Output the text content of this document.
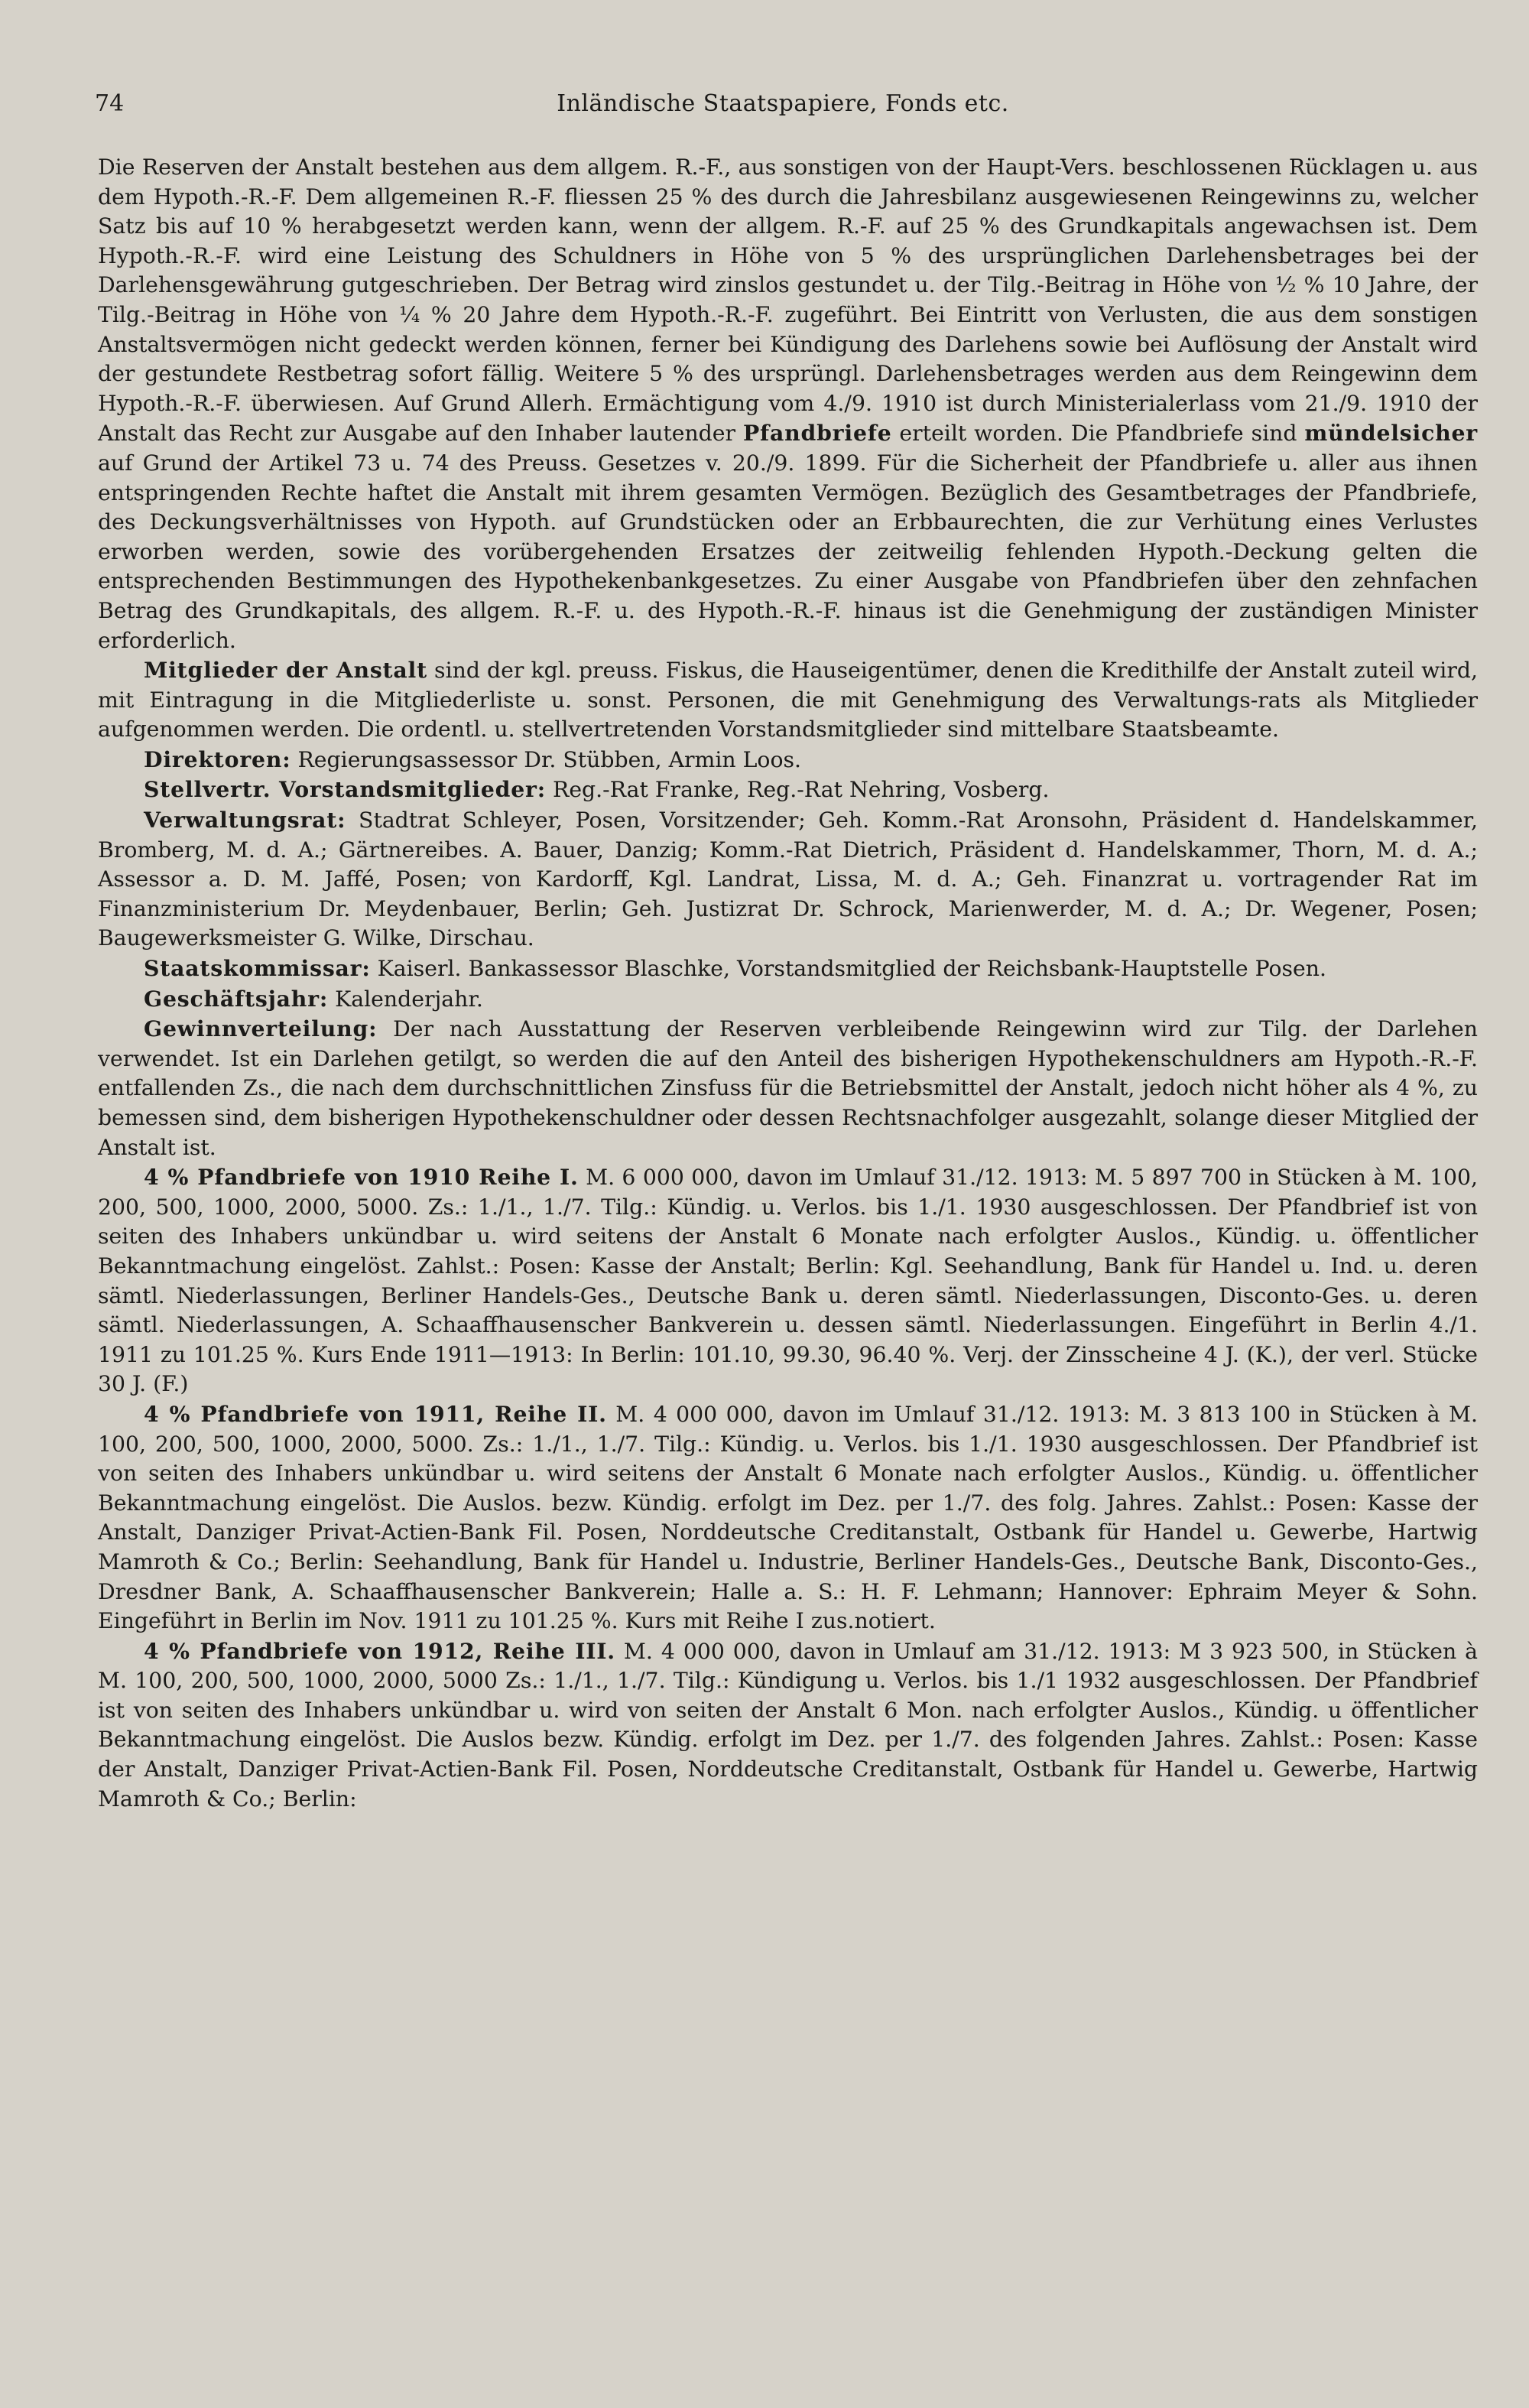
74	Inländische Staatspapiere, Fonds etc.

Die Reserven der Anstalt bestehen aus dem allgem. R.-F., aus sonstigen von der Haupt-Vers. beschlossenen Rücklagen u. aus dem Hypoth.-R.-F. Dem allgemeinen R.-F. fliessen 25 % des durch die Jahresbilanz ausgewiesenen Reingewinns zu, welcher Satz bis auf 10 % herabgesetzt werden kann, wenn der allgem. R.-F. auf 25 % des Grundkapitals angewachsen ist. Dem Hypoth.-R.-F. wird eine Leistung des Schuldners in Höhe von 5 % des ursprünglichen Darlehensbetrages bei der Darlehensgewährung gutgeschrieben. Der Betrag wird zinslos gestundet u. der Tilg.-Beitrag in Höhe von ½ % 10 Jahre, der Tilg.-Beitrag in Höhe von ¼ % 20 Jahre dem Hypoth.-R.-F. zugeführt. Bei Eintritt von Verlusten, die aus dem sonstigen Anstaltsvermögen nicht gedeckt werden können, ferner bei Kündigung des Darlehens sowie bei Auflösung der Anstalt wird der gestundete Restbetrag sofort fällig. Weitere 5 % des ursprüngl. Darlehensbetrages werden aus dem Reingewinn dem Hypoth.-R.-F. überwiesen. Auf Grund Allerh. Ermächtigung vom 4./9. 1910 ist durch Ministerialerlass vom 21./9. 1910 der Anstalt das Recht zur Ausgabe auf den Inhaber lautender Pfandbriefe erteilt worden. Die Pfandbriefe sind mündelsicher auf Grund der Artikel 73 u. 74 des Preuss. Gesetzes v. 20./9. 1899. Für die Sicherheit der Pfandbriefe u. aller aus ihnen entspringenden Rechte haftet die Anstalt mit ihrem gesamten Vermögen. Bezüglich des Gesamtbetrages der Pfandbriefe, des Deckungsverhältnisses von Hypoth. auf Grundstücken oder an Erbbaurechten, die zur Verhütung eines Verlustes erworben werden, sowie des vorübergehenden Ersatzes der zeitweilig fehlenden Hypoth.-Deckung gelten die entsprechenden Bestimmungen des Hypothekenbankgesetzes. Zu einer Ausgabe von Pfandbriefen über den zehnfachen Betrag des Grundkapitals, des allgem. R.-F. u. des Hypoth.-R.-F. hinaus ist die Genehmigung der zuständigen Minister erforderlich.

Mitglieder der Anstalt sind der kgl. preuss. Fiskus, die Hauseigentümer, denen die Kredithilfe der Anstalt zuteil wird, mit Eintragung in die Mitgliederliste u. sonst. Personen, die mit Genehmigung des Verwaltungs-rats als Mitglieder aufgenommen werden. Die ordentl. u. stellvertretenden Vorstandsmitglieder sind mittelbare Staatsbeamte.

Direktoren: Regierungsassessor Dr. Stübben, Armin Loos.

Stellvertr. Vorstandsmitglieder: Reg.-Rat Franke, Reg.-Rat Nehring, Vosberg.

Verwaltungsrat: Stadtrat Schleyer, Posen, Vorsitzender; Geh. Komm.-Rat Aronsohn, Präsident d. Handelskammer, Bromberg, M. d. A.; Gärtnereibes. A. Bauer, Danzig; Komm.-Rat Dietrich, Präsident d. Handelskammer, Thorn, M. d. A.; Assessor a. D. M. Jaffé, Posen; von Kardorff, Kgl. Landrat, Lissa, M. d. A.; Geh. Finanzrat u. vortragender Rat im Finanzministerium Dr. Meydenbauer, Berlin; Geh. Justizrat Dr. Schrock, Marienwerder, M. d. A.; Dr. Wegener, Posen; Baugewerksmeister G. Wilke, Dirschau.

Staatskommissar: Kaiserl. Bankassessor Blaschke, Vorstandsmitglied der Reichsbank-Hauptstelle Posen.

Geschäftsjahr: Kalenderjahr.

Gewinnverteilung: Der nach Ausstattung der Reserven verbleibende Reingewinn wird zur Tilg. der Darlehen verwendet. Ist ein Darlehen getilgt, so werden die auf den Anteil des bisherigen Hypothekenschuldners am Hypoth.-R.-F. entfallenden Zs., die nach dem durchschnittlichen Zinsfuss für die Betriebsmittel der Anstalt, jedoch nicht höher als 4 %, zu bemessen sind, dem bisherigen Hypothekenschuldner oder dessen Rechtsnachfolger ausgezahlt, solange dieser Mitglied der Anstalt ist.

4 % Pfandbriefe von 1910 Reihe I. M. 6 000 000, davon im Umlauf 31./12. 1913: M. 5 897 700 in Stücken à M. 100, 200, 500, 1000, 2000, 5000. Zs.: 1./1., 1./7. Tilg.: Kündig. u. Verlos. bis 1./1. 1930 ausgeschlossen. Der Pfandbrief ist von seiten des Inhabers unkündbar u. wird seitens der Anstalt 6 Monate nach erfolgter Auslos., Kündig. u. öffentlicher Bekanntmachung eingelöst. Zahlst.: Posen: Kasse der Anstalt; Berlin: Kgl. Seehandlung, Bank für Handel u. Ind. u. deren sämtl. Niederlassungen, Berliner Handels-Ges., Deutsche Bank u. deren sämtl. Niederlassungen, Disconto-Ges. u. deren sämtl. Niederlassungen, A. Schaaffhausenscher Bankverein u. dessen sämtl. Niederlassungen. Eingeführt in Berlin 4./1. 1911 zu 101.25 %. Kurs Ende 1911—1913: In Berlin: 101.10, 99.30, 96.40 %. Verj. der Zinsscheine 4 J. (K.), der verl. Stücke 30 J. (F.)

4 % Pfandbriefe von 1911, Reihe II. M. 4 000 000, davon im Umlauf 31./12. 1913: M. 3 813 100 in Stücken à M. 100, 200, 500, 1000, 2000, 5000. Zs.: 1./1., 1./7. Tilg.: Kündig. u. Verlos. bis 1./1. 1930 ausgeschlossen. Der Pfandbrief ist von seiten des Inhabers unkündbar u. wird seitens der Anstalt 6 Monate nach erfolgter Auslos., Kündig. u. öffentlicher Bekanntmachung eingelöst. Die Auslos. bezw. Kündig. erfolgt im Dez. per 1./7. des folg. Jahres. Zahlst.: Posen: Kasse der Anstalt, Danziger Privat-Actien-Bank Fil. Posen, Norddeutsche Creditanstalt, Ostbank für Handel u. Gewerbe, Hartwig Mamroth & Co.; Berlin: Seehandlung, Bank für Handel u. Industrie, Berliner Handels-Ges., Deutsche Bank, Disconto-Ges., Dresdner Bank, A. Schaaffhausenscher Bankverein; Halle a. S.: H. F. Lehmann; Hannover: Ephraim Meyer & Sohn. Eingeführt in Berlin im Nov. 1911 zu 101.25 %. Kurs mit Reihe I zus.notiert.

4 % Pfandbriefe von 1912, Reihe III. M. 4 000 000, davon in Umlauf am 31./12. 1913: M 3 923 500, in Stücken à M. 100, 200, 500, 1000, 2000, 5000 Zs.: 1./1., 1./7. Tilg.: Kündigung u. Verlos. bis 1./1 1932 ausgeschlossen. Der Pfandbrief ist von seiten des Inhabers unkündbar u. wird von seiten der Anstalt 6 Mon. nach erfolgter Auslos., Kündig. u öffentlicher Bekanntmachung eingelöst. Die Auslos bezw. Kündig. erfolgt im Dez. per 1./7. des folgenden Jahres. Zahlst.: Posen: Kasse der Anstalt, Danziger Privat-Actien-Bank Fil. Posen, Norddeutsche Creditanstalt, Ostbank für Handel u. Gewerbe, Hartwig Mamroth & Co.; Berlin:
